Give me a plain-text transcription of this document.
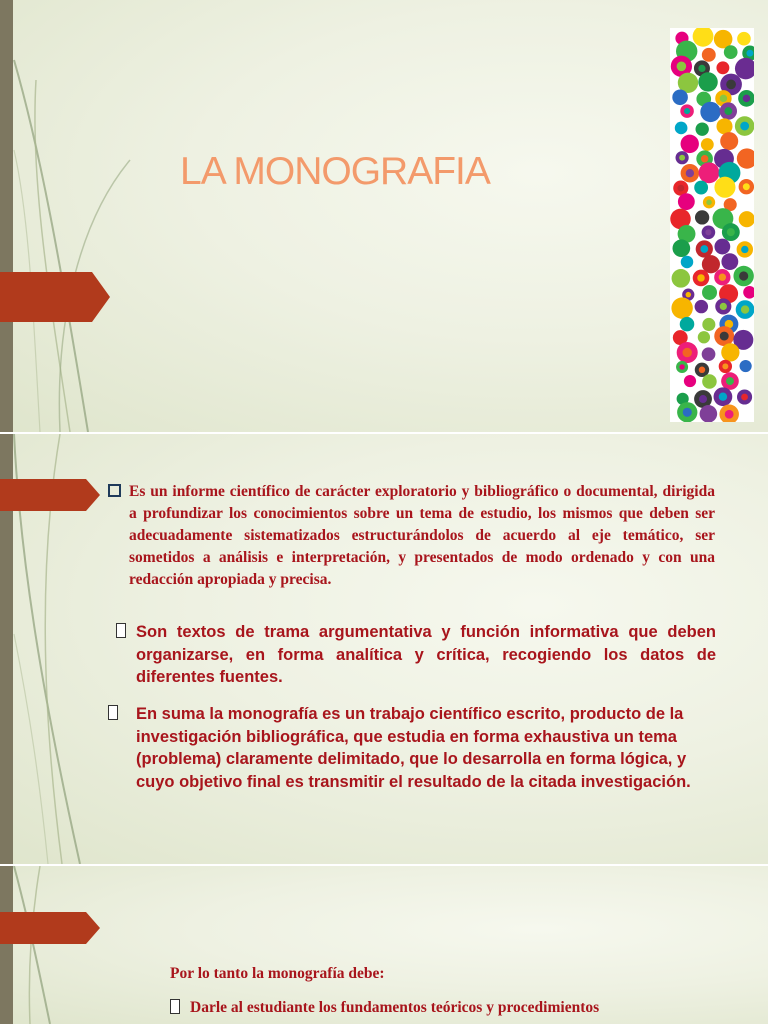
LA MONOGRAFIA

Es un informe científico de carácter exploratorio y bibliográfico o documental, dirigida a profundizar los conocimientos sobre un tema de estudio, los mismos que deben ser adecuadamente sistematizados estructurándolos de acuerdo al eje temático, ser sometidos a análisis e interpretación, y presentados de modo ordenado y con una redacción apropiada y precisa.

Son textos de trama argumentativa y función informativa que deben organizarse, en forma analítica y crítica, recogiendo los datos de diferentes fuentes.

En suma la monografía es un trabajo científico escrito, producto de la investigación bibliográfica, que estudia en forma exhaustiva un tema (problema) claramente delimitado, que lo desarrolla en forma lógica, y cuyo objetivo final es transmitir el resultado de la citada investigación.

Por lo tanto la monografía debe:

Darle al estudiante los fundamentos teóricos y procedimientos
